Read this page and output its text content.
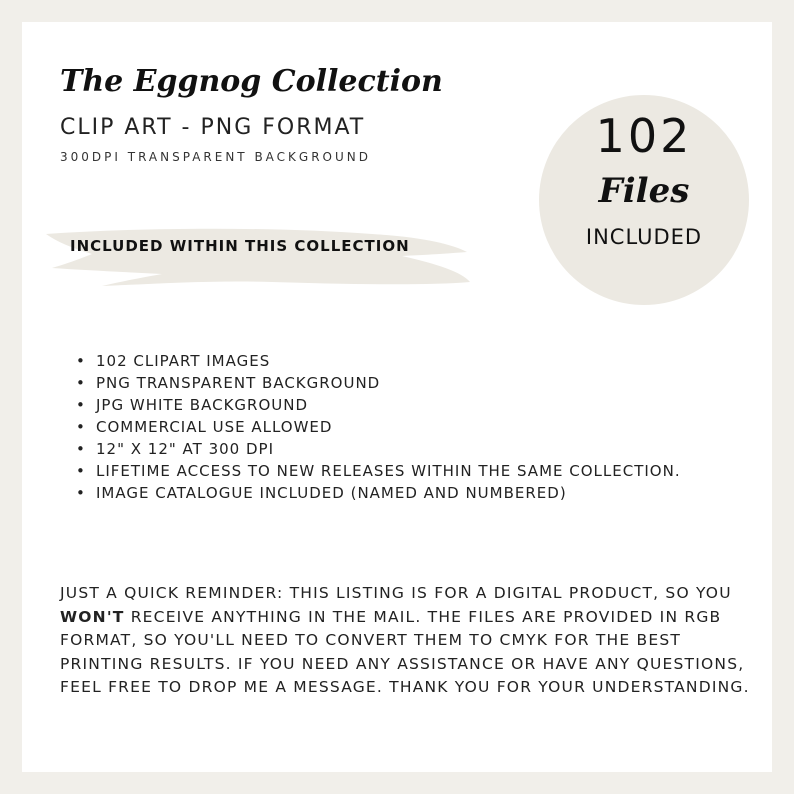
The Eggnog Collection
CLIP ART - PNG FORMAT
300DPI TRANSPARENT BACKGROUND
INCLUDED WITHIN THIS COLLECTION
102
Files
INCLUDED
• 102 CLIPART IMAGES
• PNG TRANSPARENT BACKGROUND
• JPG WHITE BACKGROUND
• COMMERCIAL USE ALLOWED
• 12" X 12" AT 300 DPI
• LIFETIME ACCESS TO NEW RELEASES WITHIN THE SAME COLLECTION.
• IMAGE CATALOGUE INCLUDED (NAMED AND NUMBERED)
JUST A QUICK REMINDER: THIS LISTING IS FOR A DIGITAL PRODUCT, SO YOU WON'T RECEIVE ANYTHING IN THE MAIL. THE FILES ARE PROVIDED IN RGB FORMAT, SO YOU'LL NEED TO CONVERT THEM TO CMYK FOR THE BEST PRINTING RESULTS. IF YOU NEED ANY ASSISTANCE OR HAVE ANY QUESTIONS, FEEL FREE TO DROP ME A MESSAGE. THANK YOU FOR YOUR UNDERSTANDING.
